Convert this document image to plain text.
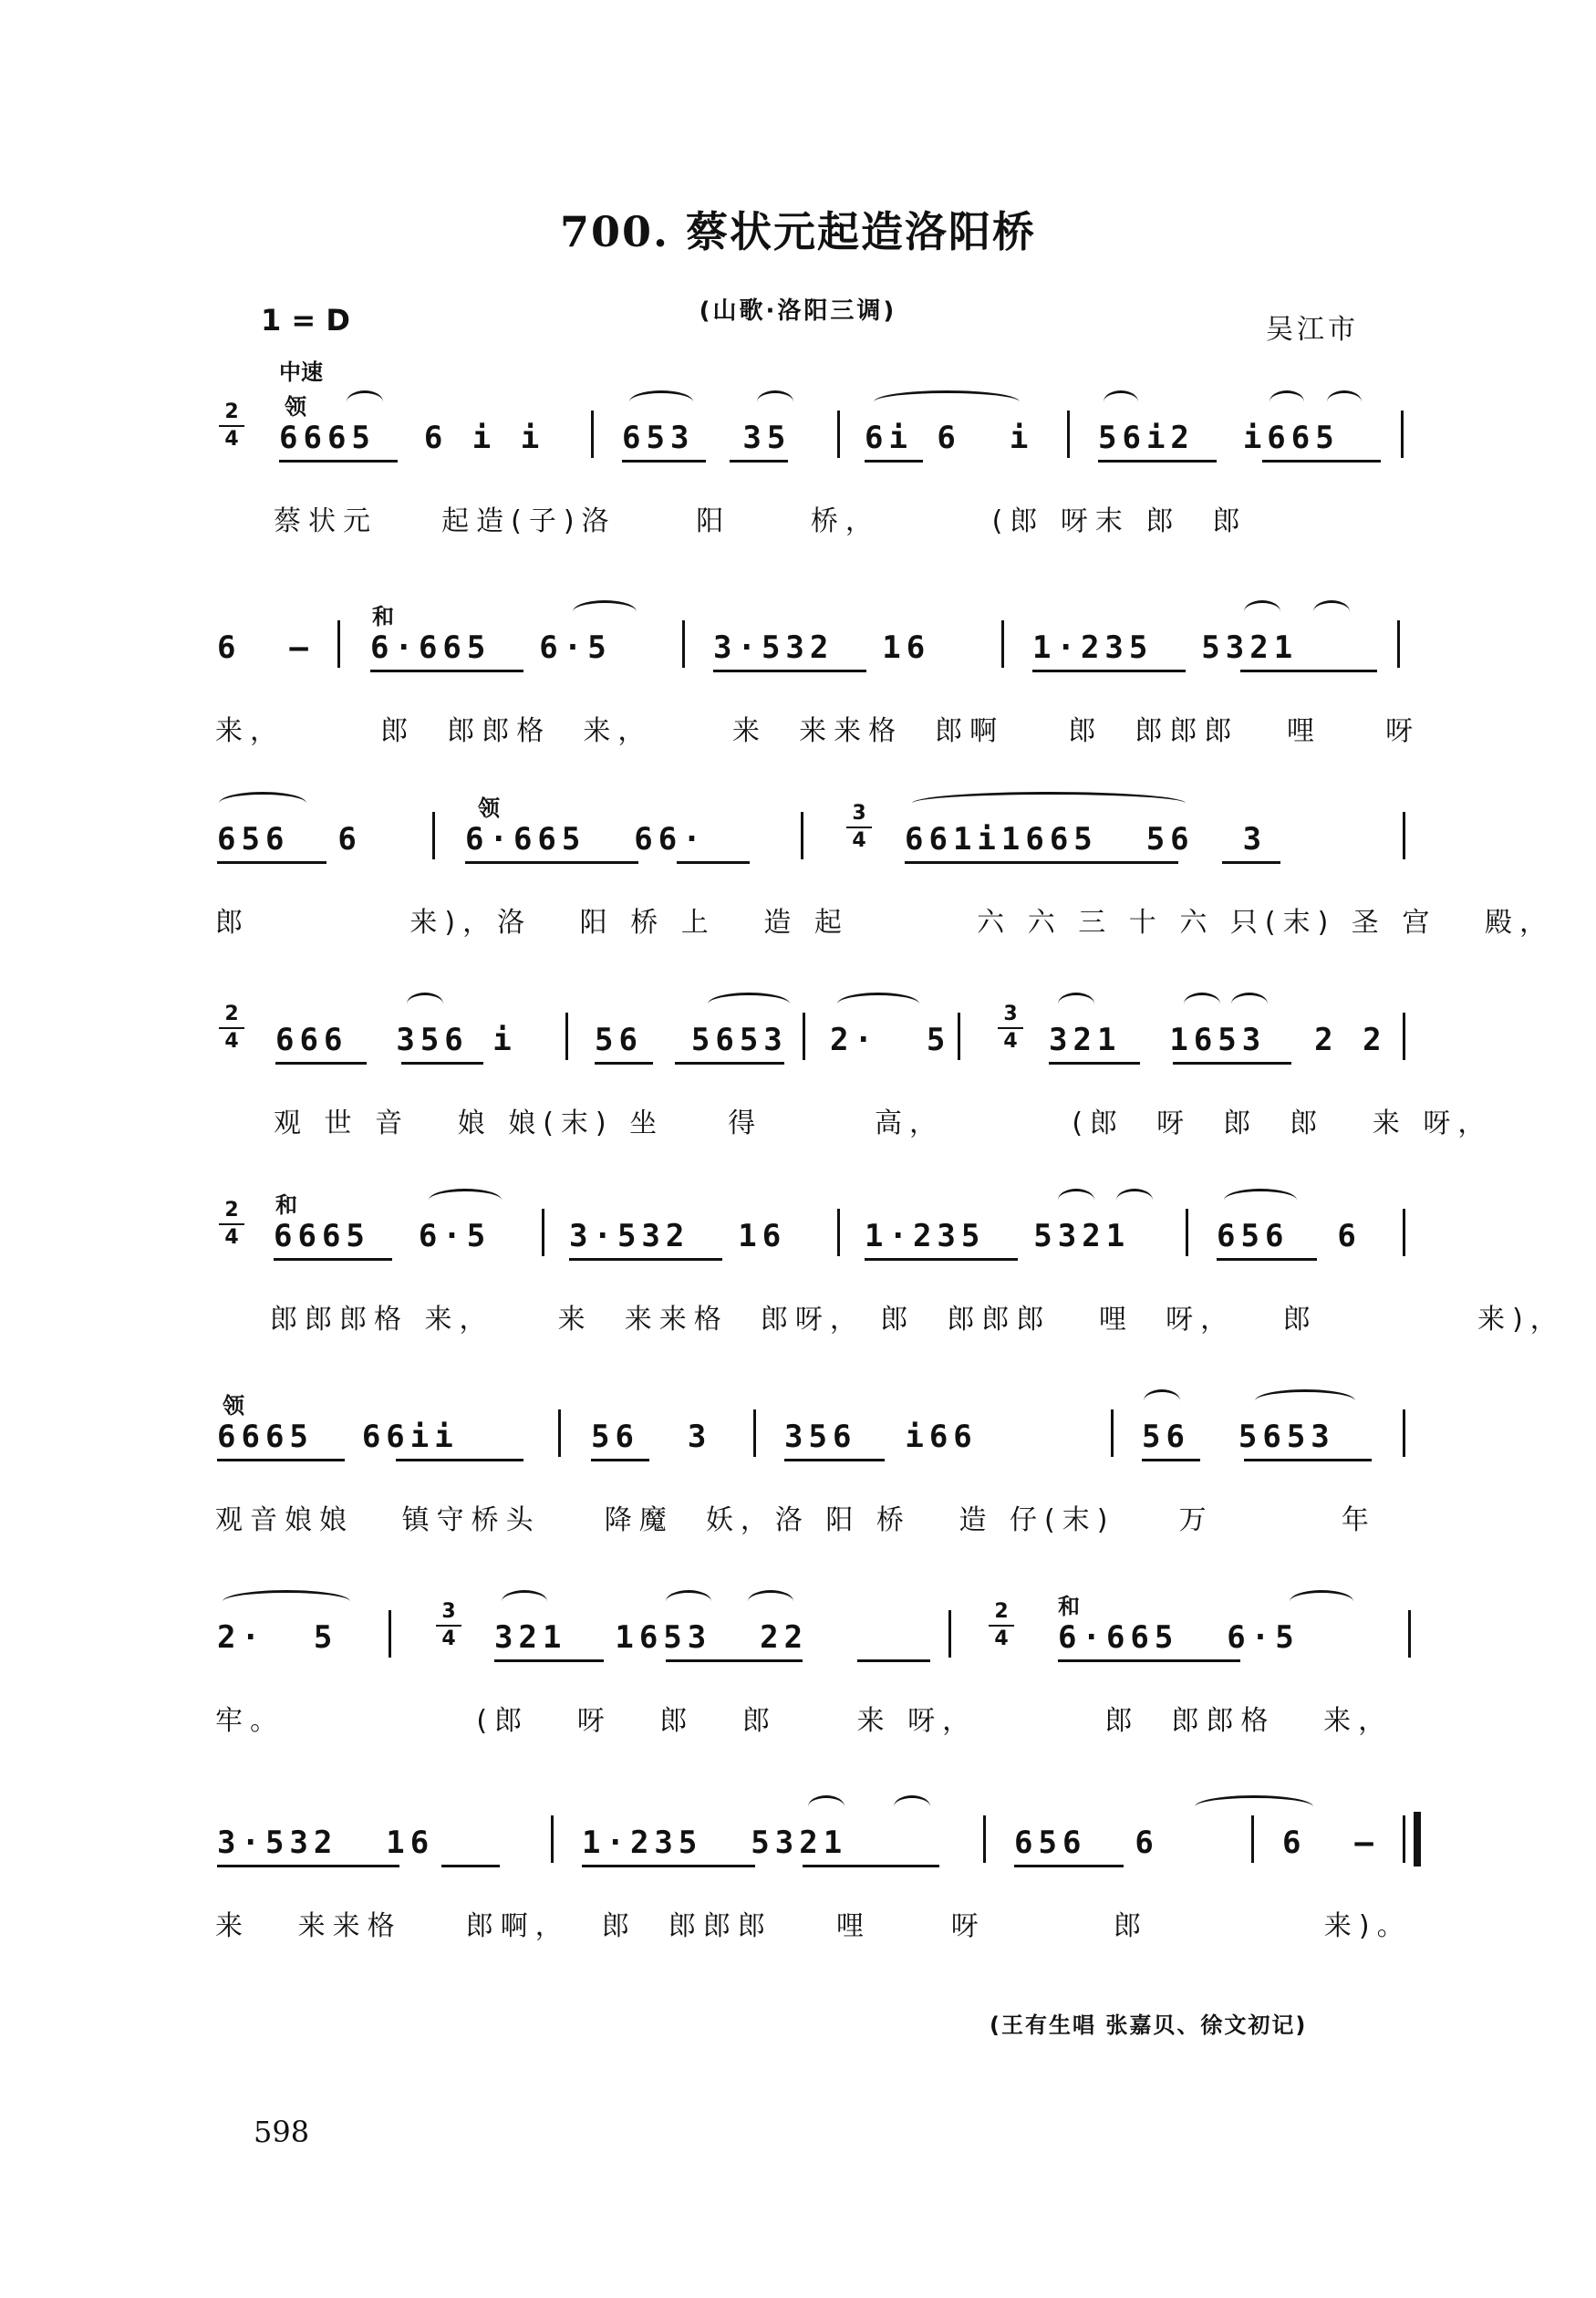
700. 蔡状元起造洛阳桥
(山歌·洛阳三调)
1 = D	吴江市
中速
2
4
领
6665  6 i i 653  35 6i 6  i 56i2  i665
蔡状元    起造(子)洛     阳     桥，       (郎 呀末 郎  郎
和
6  – 6·665  6·5	3·532  16	1·235  5321
来，      郎  郎郎格  来，     来  来来格  郎啊    郎  郎郎郎   哩    呀
领
656  6	6·665  66·
3
4 661i1665  56  3
郎          来)，洛   阳 桥 上   造 起        六 六 三 十 六 只(末) 圣 宫   殿，
2
4 666  356 i	56  5653 2·  5
3
4 321  1653  2 2
观 世 音   娘 娘(末) 坐    得       高，        (郎  呀  郎  郎   来 呀，
2
4
和
6665  6·5	3·532  16	1·235  5321	656  6
郎郎郎格 来，    来  来来格  郎呀， 郎  郎郎郎   哩  呀，   郎          来)，
领
6665  66ii	56  3 356  i66	56  5653
观音娘娘   镇守桥头    降魔  妖，洛 阳 桥   造 仔(末)    万        年
和
2·  5
3
4 321  1653  22
2
4 6·665  6·5
牢。            (郎   呀   郎   郎     来 呀，        郎  郎郎格   来，
3·532  16	1·235  5321	656  6	6  –
来   来来格    郎啊，  郎  郎郎郎    哩     呀        郎           来)。
(王有生唱 张嘉贝、徐文初记)
598
